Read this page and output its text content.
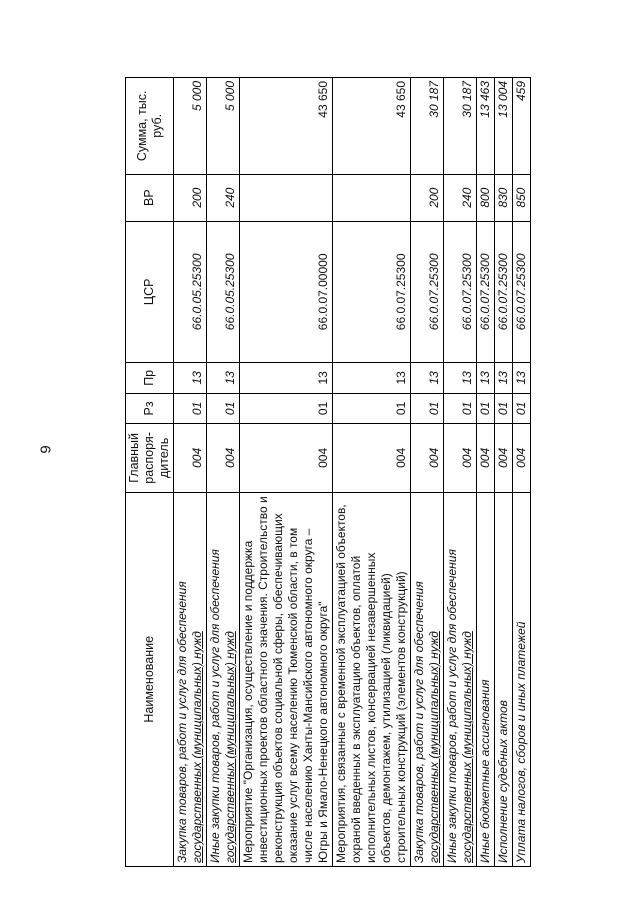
9
Наименование	Главный распоря-дитель	Рз	Пр	ЦСР	ВР	Сумма, тыс. руб.
Закупка товаров, работ и услуг для обеспечения государственных (муниципальных) нужд	004	01	13	66.0.05.25300	200	5 000
Иные закупки товаров, работ и услуг для обеспечения государственных (муниципальных) нужд	004	01	13	66.0.05.25300	240	5 000
Мероприятие "Организация, осуществление и поддержка инвестиционных проектов областного значения. Строительство и реконструкция объектов социальной сферы, обеспечивающих оказание услуг всему населению Тюменской области, в том числе населению Ханты-Мансийского автономного округа – Югры и Ямало-Ненецкого автономного округа"	004	01	13	66.0.07.00000		43 650
Мероприятия, связанные с временной эксплуатацией объектов, охраной введенных в эксплуатацию объектов, оплатой исполнительных листов, консервацией незавершенных объектов, демонтажем, утилизацией (ликвидацией) строительных конструкций (элементов конструкций)	004	01	13	66.0.07.25300		43 650
Закупка товаров, работ и услуг для обеспечения государственных (муниципальных) нужд	004	01	13	66.0.07.25300	200	30 187
Иные закупки товаров, работ и услуг для обеспечения государственных (муниципальных) нужд	004	01	13	66.0.07.25300	240	30 187
Иные бюджетные ассигнования	004	01	13	66.0.07.25300	800	13 463
Исполнение судебных актов	004	01	13	66.0.07.25300	830	13 004
Уплата налогов, сборов и иных платежей	004	01	13	66.0.07.25300	850	459
